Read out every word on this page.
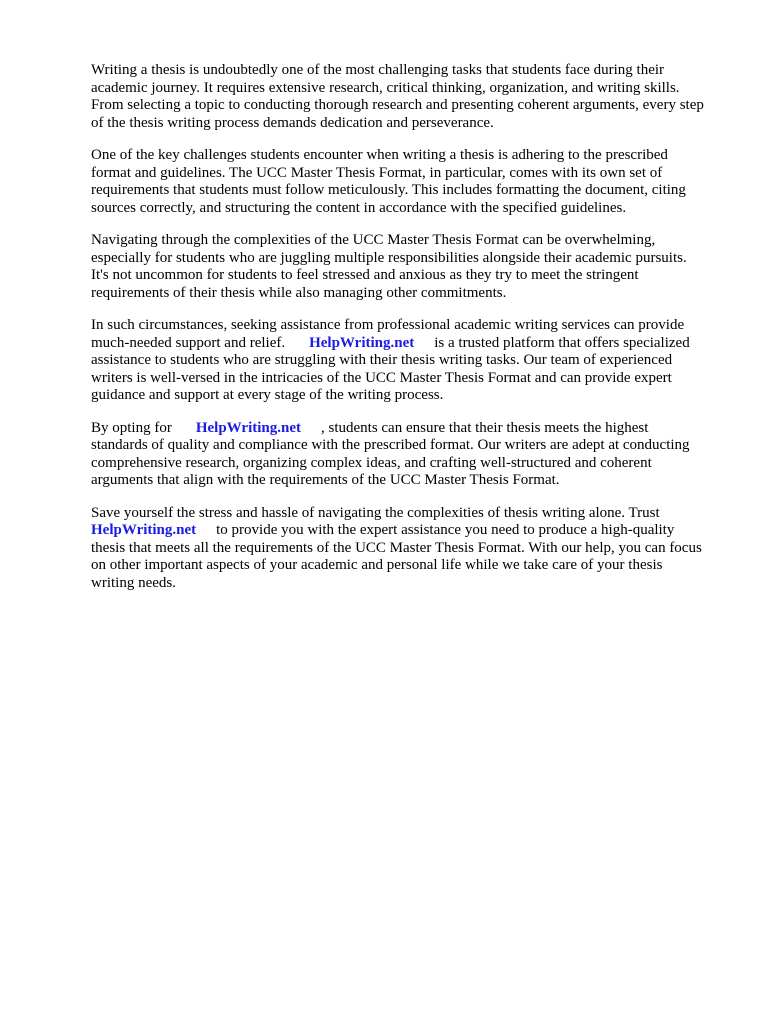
Writing a thesis is undoubtedly one of the most challenging tasks that students face during their academic journey. It requires extensive research, critical thinking, organization, and writing skills. From selecting a topic to conducting thorough research and presenting coherent arguments, every step of the thesis writing process demands dedication and perseverance.

One of the key challenges students encounter when writing a thesis is adhering to the prescribed format and guidelines. The UCC Master Thesis Format, in particular, comes with its own set of requirements that students must follow meticulously. This includes formatting the document, citing sources correctly, and structuring the content in accordance with the specified guidelines.

Navigating through the complexities of the UCC Master Thesis Format can be overwhelming, especially for students who are juggling multiple responsibilities alongside their academic pursuits. It's not uncommon for students to feel stressed and anxious as they try to meet the stringent requirements of their thesis while also managing other commitments.

In such circumstances, seeking assistance from professional academic writing services can provide much-needed support and relief. HelpWriting.net is a trusted platform that offers specialized assistance to students who are struggling with their thesis writing tasks. Our team of experienced writers is well-versed in the intricacies of the UCC Master Thesis Format and can provide expert guidance and support at every stage of the writing process.

By opting for HelpWriting.net , students can ensure that their thesis meets the highest standards of quality and compliance with the prescribed format. Our writers are adept at conducting comprehensive research, organizing complex ideas, and crafting well-structured and coherent arguments that align with the requirements of the UCC Master Thesis Format.

Save yourself the stress and hassle of navigating the complexities of thesis writing alone. Trust HelpWriting.net to provide you with the expert assistance you need to produce a high-quality thesis that meets all the requirements of the UCC Master Thesis Format. With our help, you can focus on other important aspects of your academic and personal life while we take care of your thesis writing needs.
